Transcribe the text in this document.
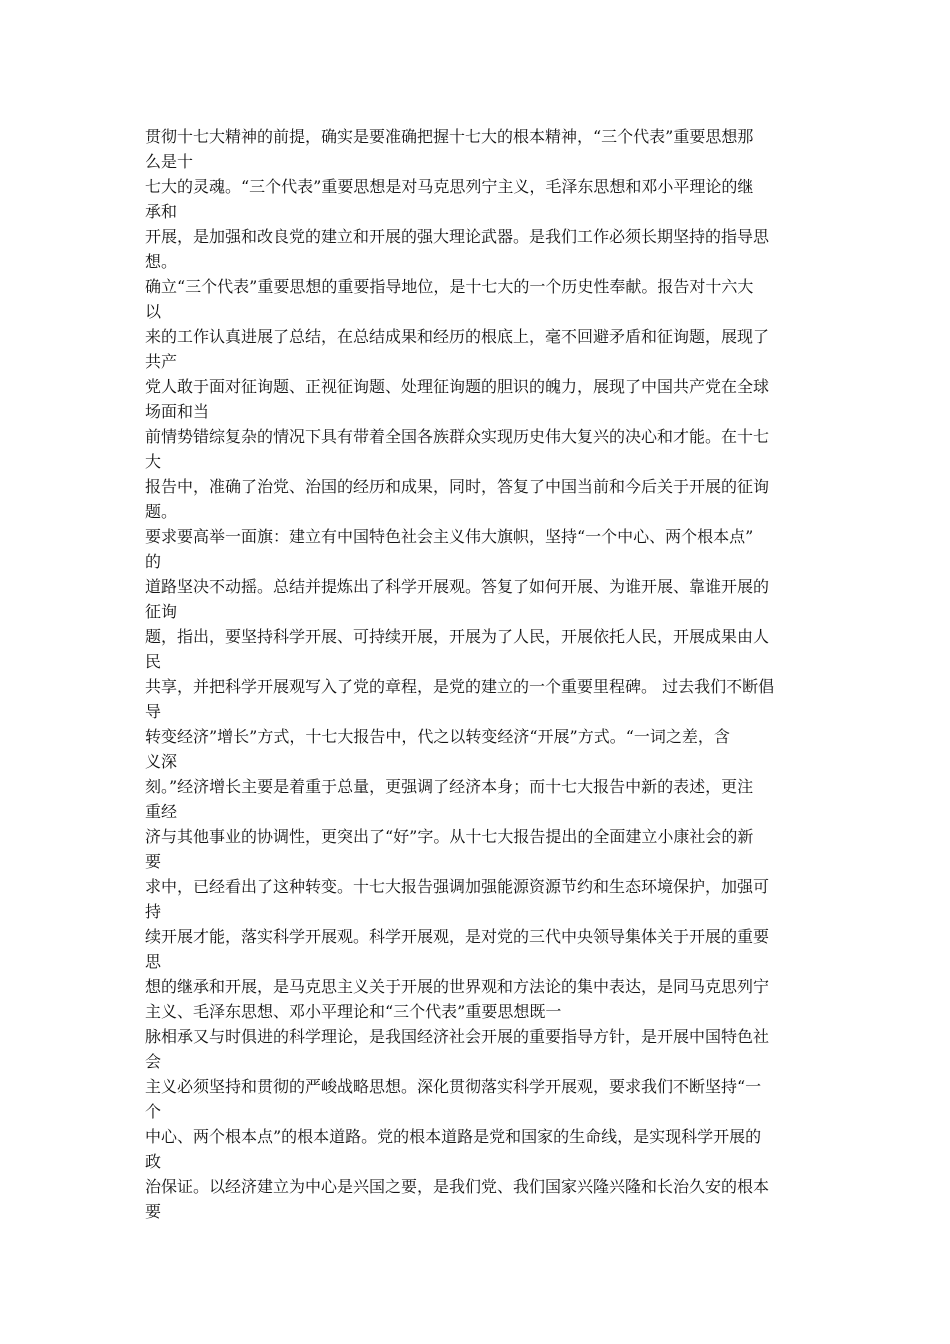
贯彻十七大精神的前提，确实是要准确把握十七大的根本精神，“三个代表”重要思想那

么是十

七大的灵魂。“三个代表”重要思想是对马克思列宁主义，毛泽东思想和邓小平理论的继

承和

开展，是加强和改良党的建立和开展的强大理论武器。是我们工作必须长期坚持的指导思

想。

确立“三个代表”重要思想的重要指导地位，是十七大的一个历史性奉献。报告对十六大

以

来的工作认真进展了总结，在总结成果和经历的根底上，毫不回避矛盾和征询题，展现了

共产

党人敢于面对征询题、正视征询题、处理征询题的胆识的魄力，展现了中国共产党在全球

场面和当

前情势错综复杂的情况下具有带着全国各族群众实现历史伟大复兴的决心和才能。在十七

大

报告中，准确了治党、治国的经历和成果，同时，答复了中国当前和今后关于开展的征询

题。

要求要高举一面旗：建立有中国特色社会主义伟大旗帜，坚持“一个中心、两个根本点”

的

道路坚决不动摇。总结并提炼出了科学开展观。答复了如何开展、为谁开展、靠谁开展的

征询

题，指出，要坚持科学开展、可持续开展，开展为了人民，开展依托人民，开展成果由人

民

共享，并把科学开展观写入了党的章程，是党的建立的一个重要里程碑。 过去我们不断倡

导

转变经济”增长”方式，十七大报告中，代之以转变经济“开展”方式。“一词之差，含

义深

刻。”经济增长主要是着重于总量，更强调了经济本身；而十七大报告中新的表述，更注

重经

济与其他事业的协调性，更突出了“好”字。从十七大报告提出的全面建立小康社会的新

要

求中，已经看出了这种转变。十七大报告强调加强能源资源节约和生态环境保护，加强可

持

续开展才能，落实科学开展观。科学开展观，是对党的三代中央领导集体关于开展的重要

思

想的继承和开展，是马克思主义关于开展的世界观和方法论的集中表达，是同马克思列宁

主义、毛泽东思想、邓小平理论和“三个代表”重要思想既一

脉相承又与时俱进的科学理论，是我国经济社会开展的重要指导方针，是开展中国特色社

会

主义必须坚持和贯彻的严峻战略思想。深化贯彻落实科学开展观，要求我们不断坚持“一

个

中心、两个根本点”的根本道路。党的根本道路是党和国家的生命线，是实现科学开展的

政

治保证。以经济建立为中心是兴国之要，是我们党、我们国家兴隆兴隆和长治久安的根本

要
